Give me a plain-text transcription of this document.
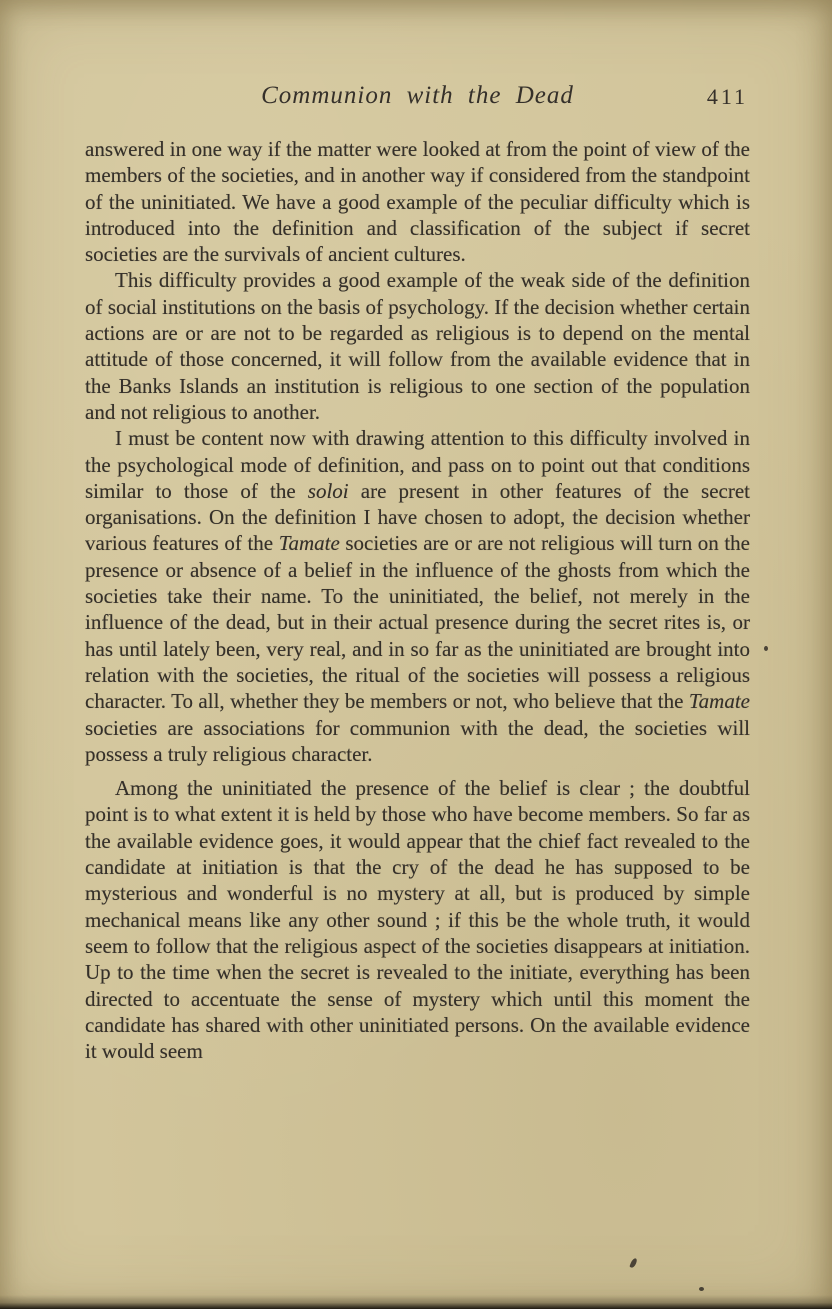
Communion with the Dead	411

answered in one way if the matter were looked at from the point of view of the members of the societies, and in another way if considered from the standpoint of the uninitiated. We have a good example of the peculiar difficulty which is introduced into the definition and classification of the subject if secret societies are the survivals of ancient cultures.

This difficulty provides a good example of the weak side of the definition of social institutions on the basis of psychology. If the decision whether certain actions are or are not to be regarded as religious is to depend on the mental attitude of those concerned, it will follow from the available evidence that in the Banks Islands an institution is religious to one section of the population and not religious to another.

I must be content now with drawing attention to this difficulty involved in the psychological mode of definition, and pass on to point out that conditions similar to those of the soloi are present in other features of the secret organisations. On the definition I have chosen to adopt, the decision whether various features of the Tamate societies are or are not religious will turn on the presence or absence of a belief in the influence of the ghosts from which the societies take their name. To the uninitiated, the belief, not merely in the influence of the dead, but in their actual presence during the secret rites is, or has until lately been, very real, and in so far as the uninitiated are brought into relation with the societies, the ritual of the societies will possess a religious character. To all, whether they be members or not, who believe that the Tamate societies are associations for communion with the dead, the societies will possess a truly religious character.

Among the uninitiated the presence of the belief is clear ; the doubtful point is to what extent it is held by those who have become members. So far as the available evidence goes, it would appear that the chief fact revealed to the candidate at initiation is that the cry of the dead he has supposed to be mysterious and wonderful is no mystery at all, but is produced by simple mechanical means like any other sound ; if this be the whole truth, it would seem to follow that the religious aspect of the societies disappears at initiation. Up to the time when the secret is revealed to the initiate, everything has been directed to accentuate the sense of mystery which until this moment the candidate has shared with other uninitiated persons. On the available evidence it would seem
